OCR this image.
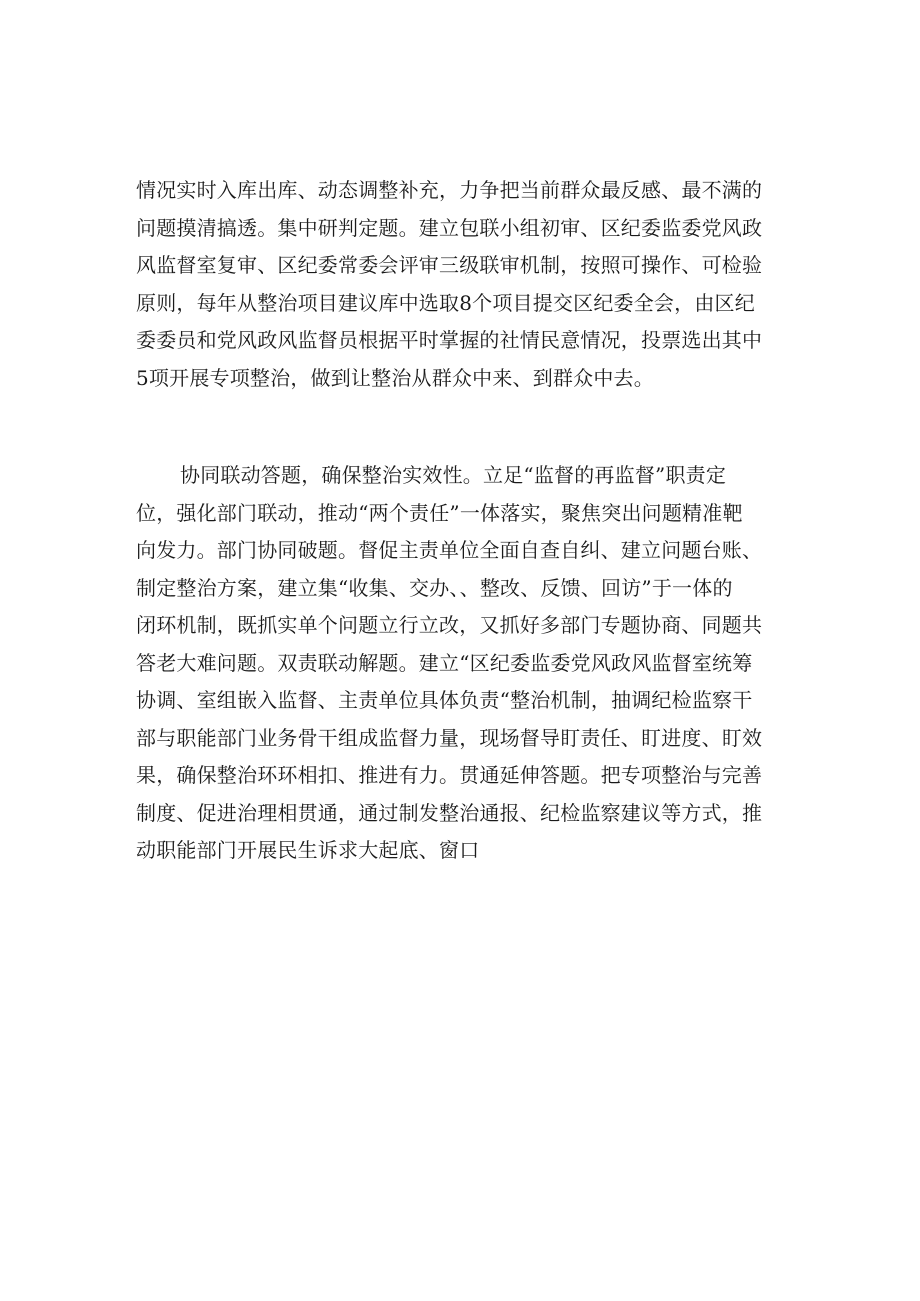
情况实时入库出库、动态调整补充，力争把当前群众最反感、最不满的
问题摸清搞透。集中研判定题。建立包联小组初审、区纪委监委党风政
风监督室复审、区纪委常委会评审三级联审机制，按照可操作、可检验
原则，每年从整治项目建议库中选取8个项目提交区纪委全会，由区纪
委委员和党风政风监督员根据平时掌握的社情民意情况，投票选出其中
5项开展专项整治，做到让整治从群众中来、到群众中去。
协同联动答题，确保整治实效性。立足“监督的再监督”职责定
位，强化部门联动，推动“两个责任”一体落实，聚焦突出问题精准靶
向发力。部门协同破题。督促主责单位全面自查自纠、建立问题台账、
制定整治方案，建立集“收集、交办、、整改、反馈、回访”于一体的
闭环机制，既抓实单个问题立行立改，又抓好多部门专题协商、同题共
答老大难问题。双责联动解题。建立“区纪委监委党风政风监督室统筹
协调、室组嵌入监督、主责单位具体负责“整治机制，抽调纪检监察干
部与职能部门业务骨干组成监督力量，现场督导盯责任、盯进度、盯效
果，确保整治环环相扣、推进有力。贯通延伸答题。把专项整治与完善
制度、促进治理相贯通，通过制发整治通报、纪检监察建议等方式，推
动职能部门开展民生诉求大起底、窗口
